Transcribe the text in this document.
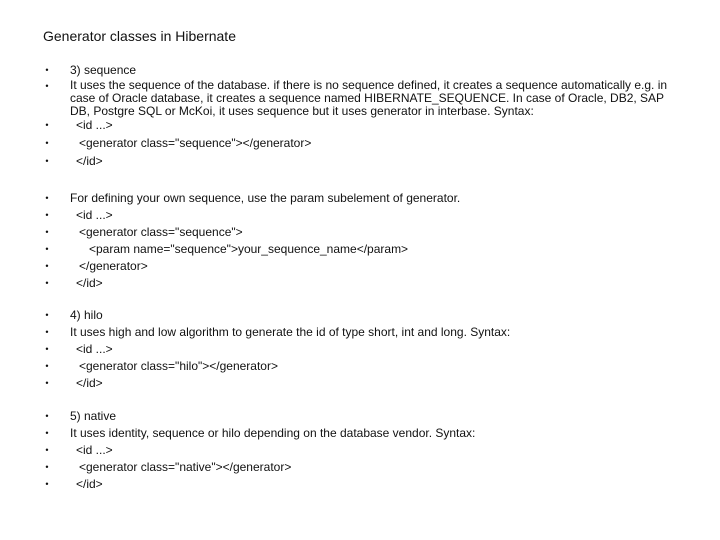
Generator classes in Hibernate
• 3) sequence
• It uses the sequence of the database. if there is no sequence defined, it creates a sequence automatically e.g. in case of Oracle database, it creates a sequence named HIBERNATE_SEQUENCE. In case of Oracle, DB2, SAP DB, Postgre SQL or McKoi, it uses sequence but it uses generator in interbase. Syntax:
•	<id ...>
•	<generator class="sequence"></generator>
•	</id>
• For defining your own sequence, use the param subelement of generator.
•	<id ...>
•	<generator class="sequence">
•	<param name="sequence">your_sequence_name</param>
•	</generator>
•	</id>
• 4) hilo
• It uses high and low algorithm to generate the id of type short, int and long. Syntax:
•	<id ...>
•	<generator class="hilo"></generator>
•	</id>
• 5) native
• It uses identity, sequence or hilo depending on the database vendor. Syntax:
•	<id ...>
•	<generator class="native"></generator>
•	</id>
